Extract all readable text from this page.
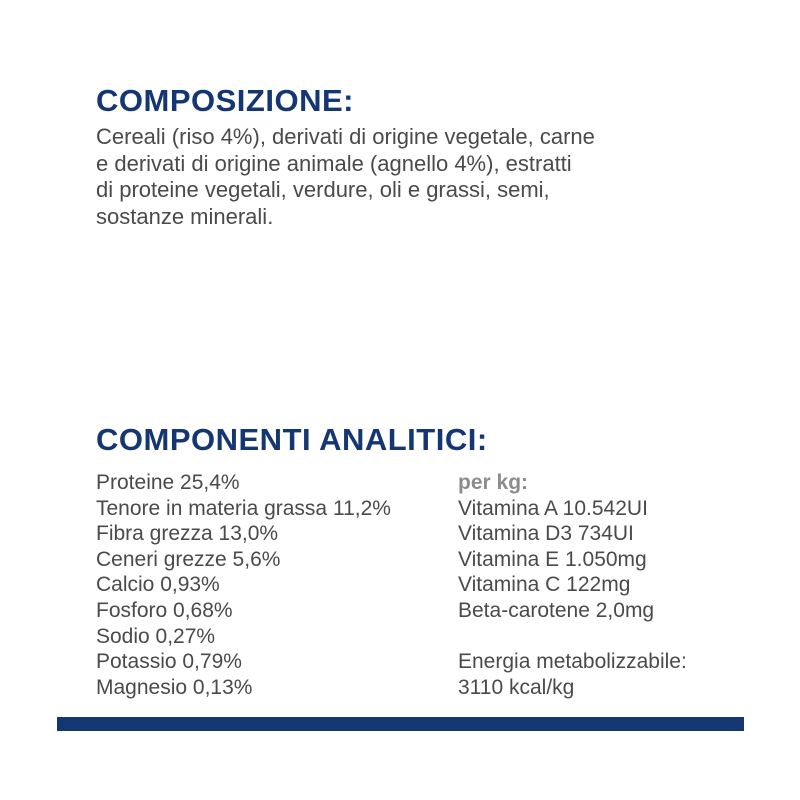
COMPOSIZIONE:

Cereali (riso 4%), derivati di origine vegetale, carne
e derivati di origine animale (agnello 4%), estratti
di proteine vegetali, verdure, oli e grassi, semi,
sostanze minerali.

COMPONENTI ANALITICI:
Proteine 25,4%
Tenore in materia grassa 11,2%
Fibra grezza 13,0%
Ceneri grezze 5,6%
Calcio 0,93%
Fosforo 0,68%
Sodio 0,27%
Potassio 0,79%
Magnesio 0,13%
per kg:
Vitamina A 10.542UI
Vitamina D3 734UI
Vitamina E 1.050mg
Vitamina C 122mg
Beta-carotene 2,0mg
Energia metabolizzabile:
3110 kcal/kg
